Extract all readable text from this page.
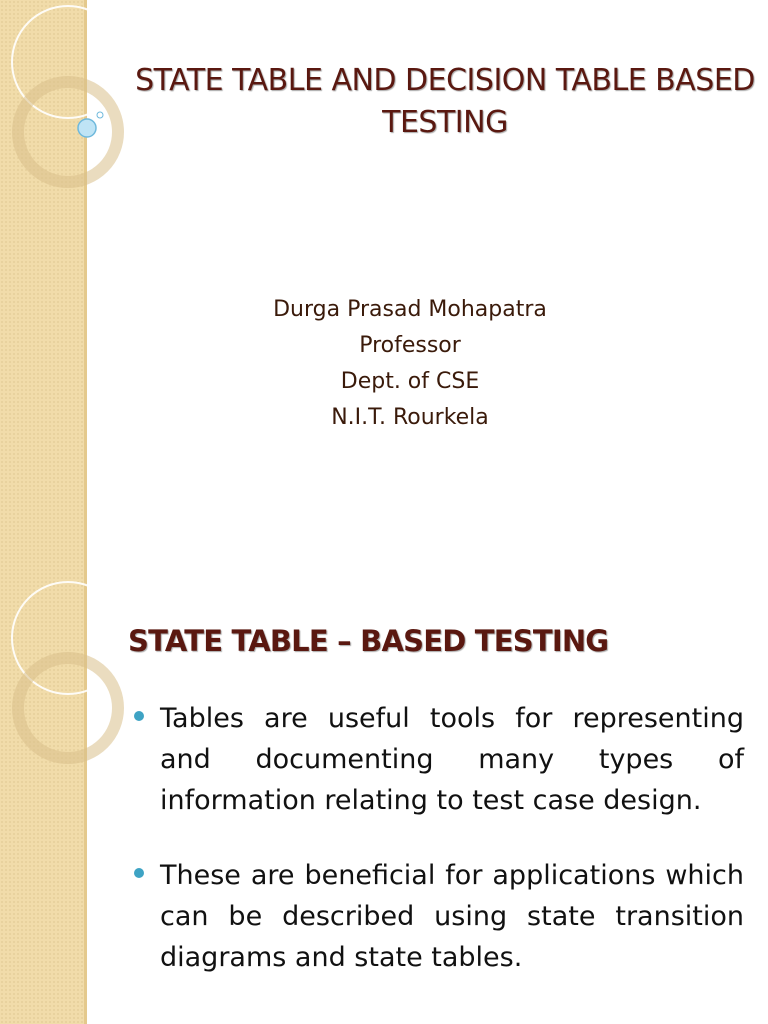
STATE TABLE AND DECISION TABLE BASED TESTING
Durga Prasad Mohapatra
Professor
Dept. of CSE
N.I.T. Rourkela
STATE TABLE – BASED TESTING
Tables are useful tools for representing and documenting many types of information relating to test case design.
These are beneficial for applications which can be described using state transition diagrams and state tables.
